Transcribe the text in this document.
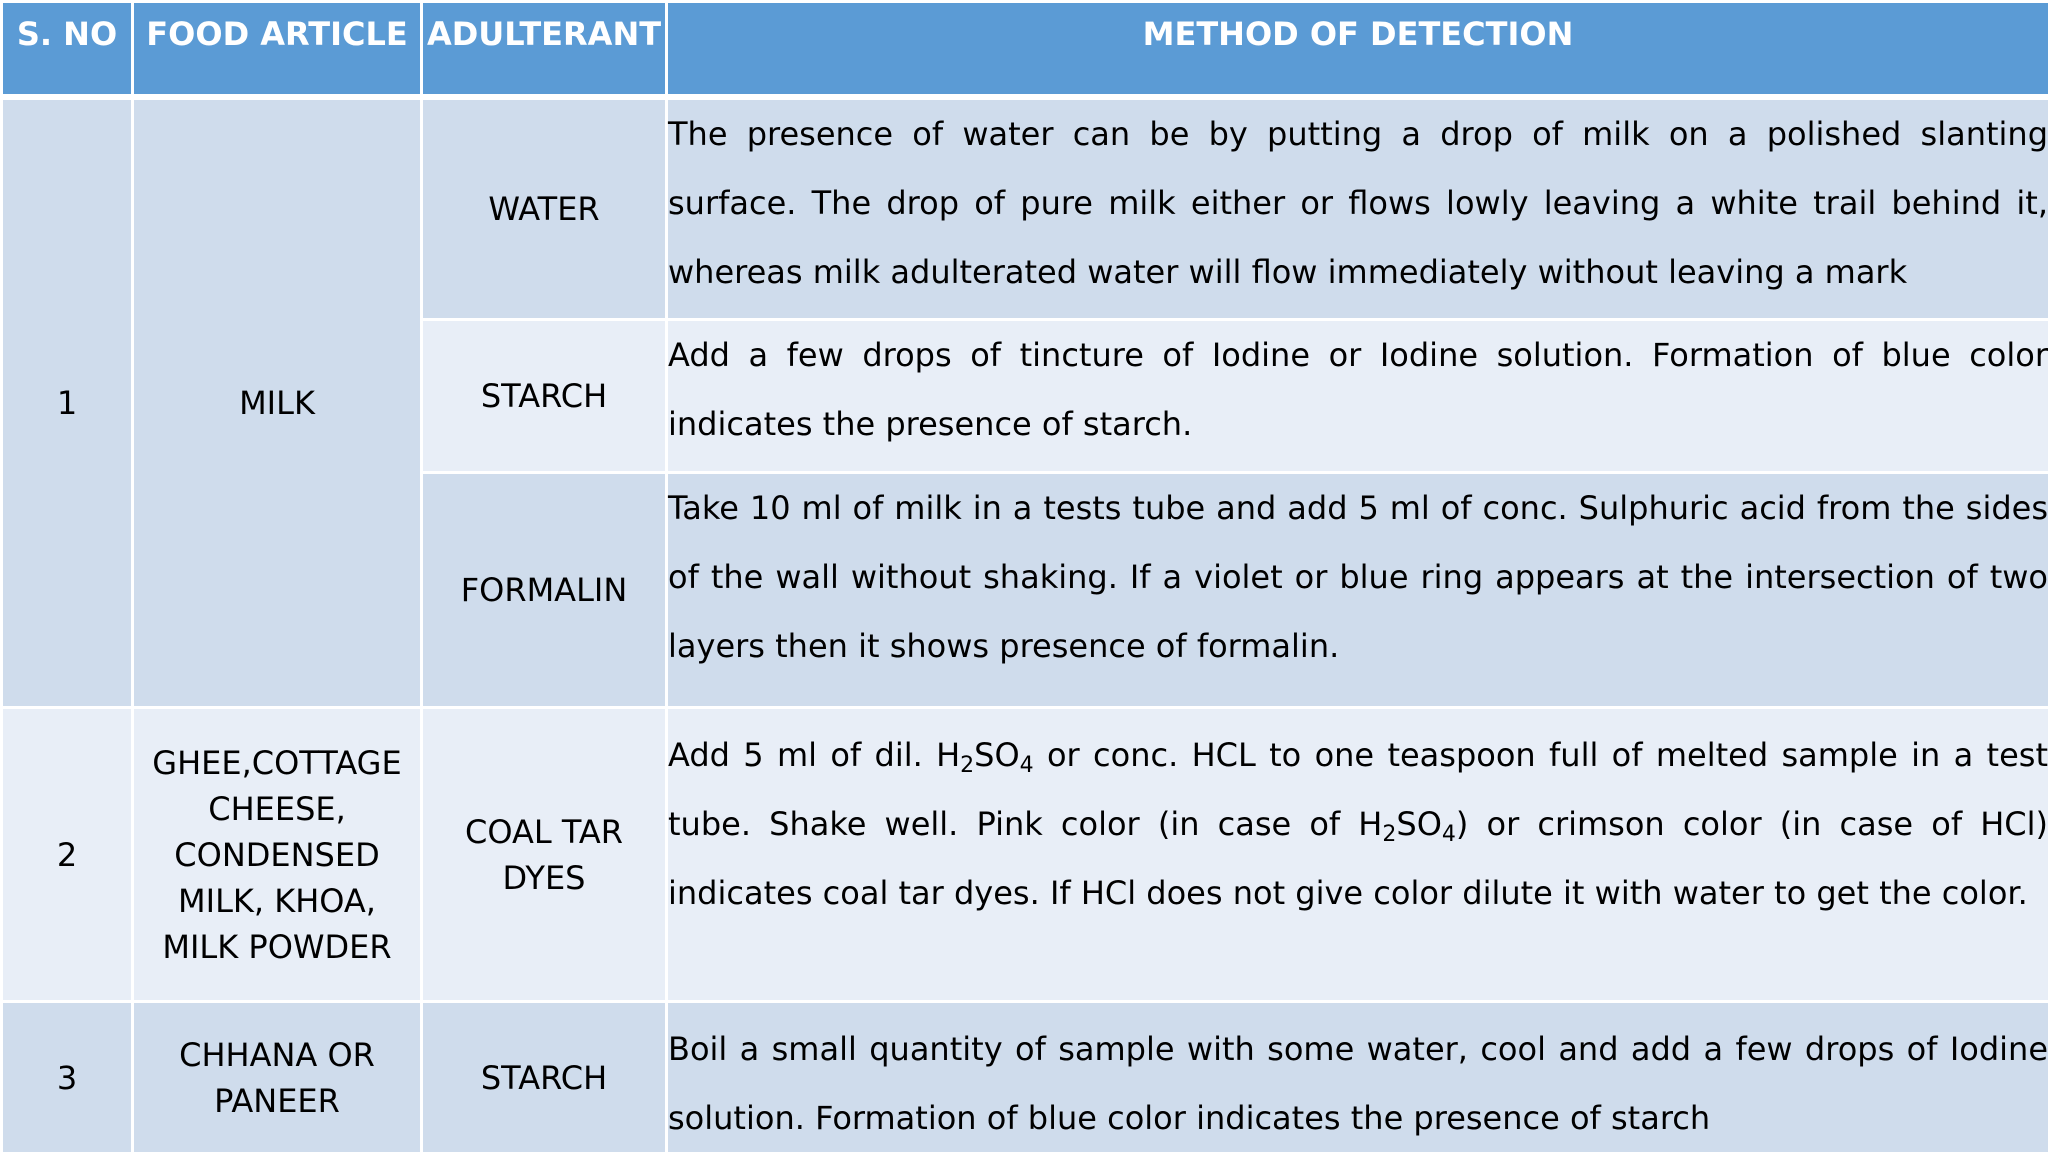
S. NO	FOOD ARTICLE	ADULTERANT	METHOD OF DETECTION
1	MILK	WATER	The presence of water can be by putting a drop of milk on a polished slanting surface. The drop of pure milk either or flows lowly leaving a white trail behind it, whereas milk adulterated water will flow immediately without leaving a mark
		STARCH	Add a few drops of tincture of Iodine or Iodine solution. Formation of blue color indicates the presence of starch.
		FORMALIN	Take 10 ml of milk in a tests tube and add 5 ml of conc. Sulphuric acid from the sides of the wall without shaking. If a violet or blue ring appears at the intersection of two layers then it shows presence of formalin.
2	GHEE,COTTAGE CHEESE, CONDENSED MILK, KHOA, MILK POWDER	COAL TAR DYES	Add 5 ml of dil. $H_2SO_4$ or conc. HCL to one teaspoon full of melted sample in a test tube. Shake well. Pink color (in case of $H_2SO_4$) or crimson color (in case of HCl) indicates coal tar dyes. If HCl does not give color dilute it with water to get the color.
3	CHHANA OR PANEER	STARCH	Boil a small quantity of sample with some water, cool and add a few drops of Iodine solution. Formation of blue color indicates the presence of starch
